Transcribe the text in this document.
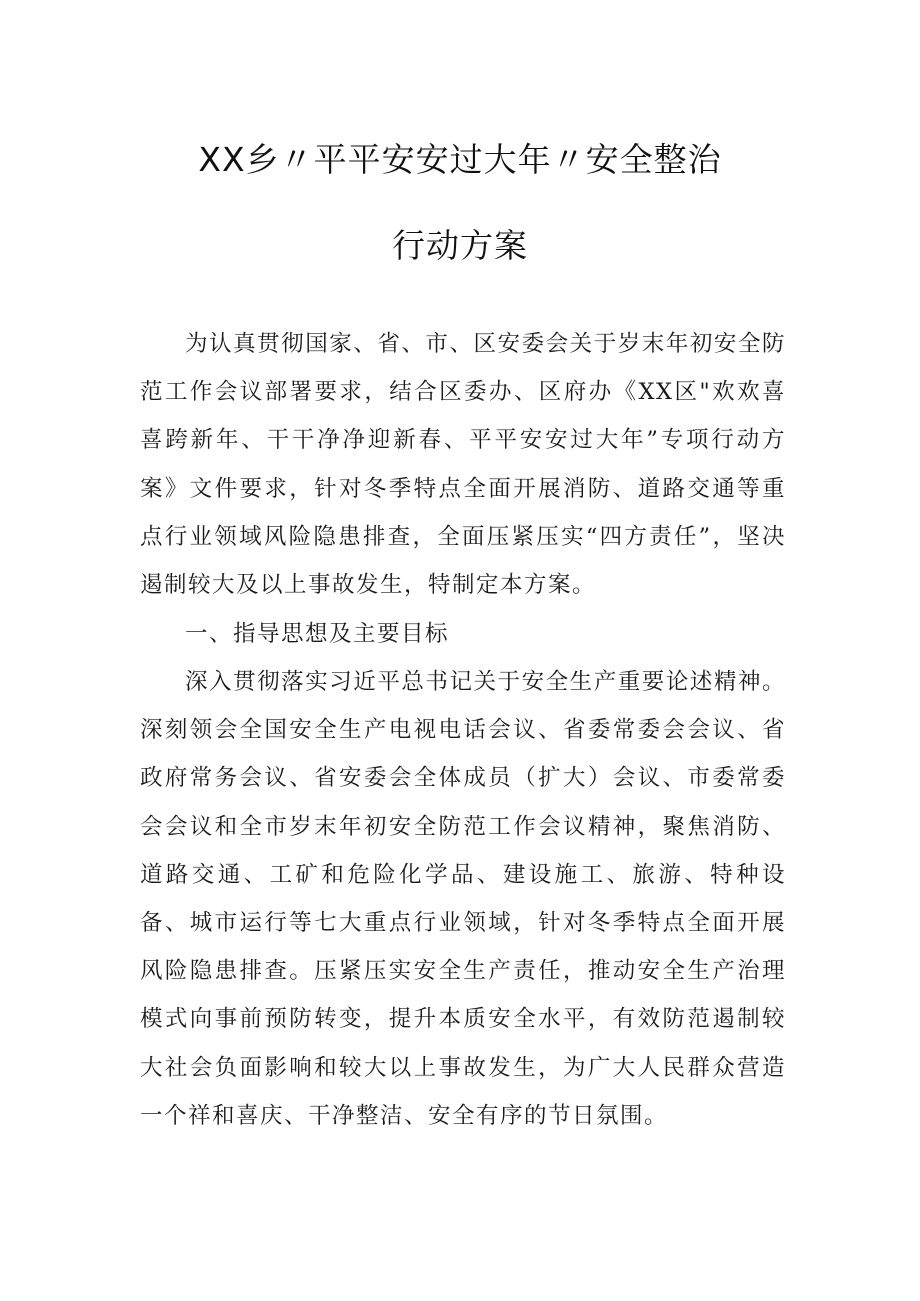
XX乡〃平平安安过大年〃安全整治
行动方案

为认真贯彻国家、省、市、区安委会关于岁末年初安全防范工作会议部署要求，结合区委办、区府办《XX区"欢欢喜喜跨新年、干干净净迎新春、平平安安过大年”专项行动方案》文件要求，针对冬季特点全面开展消防、道路交通等重点行业领域风险隐患排查，全面压紧压实“四方责任”，坚决遏制较大及以上事故发生，特制定本方案。

一、指导思想及主要目标

深入贯彻落实习近平总书记关于安全生产重要论述精神。深刻领会全国安全生产电视电话会议、省委常委会会议、省政府常务会议、省安委会全体成员（扩大）会议、市委常委会会议和全市岁末年初安全防范工作会议精神，聚焦消防、道路交通、工矿和危险化学品、建设施工、旅游、特种设备、城市运行等七大重点行业领域，针对冬季特点全面开展风险隐患排查。压紧压实安全生产责任，推动安全生产治理模式向事前预防转变，提升本质安全水平，有效防范遏制较大社会负面影响和较大以上事故发生，为广大人民群众营造一个祥和喜庆、干净整洁、安全有序的节日氛围。
